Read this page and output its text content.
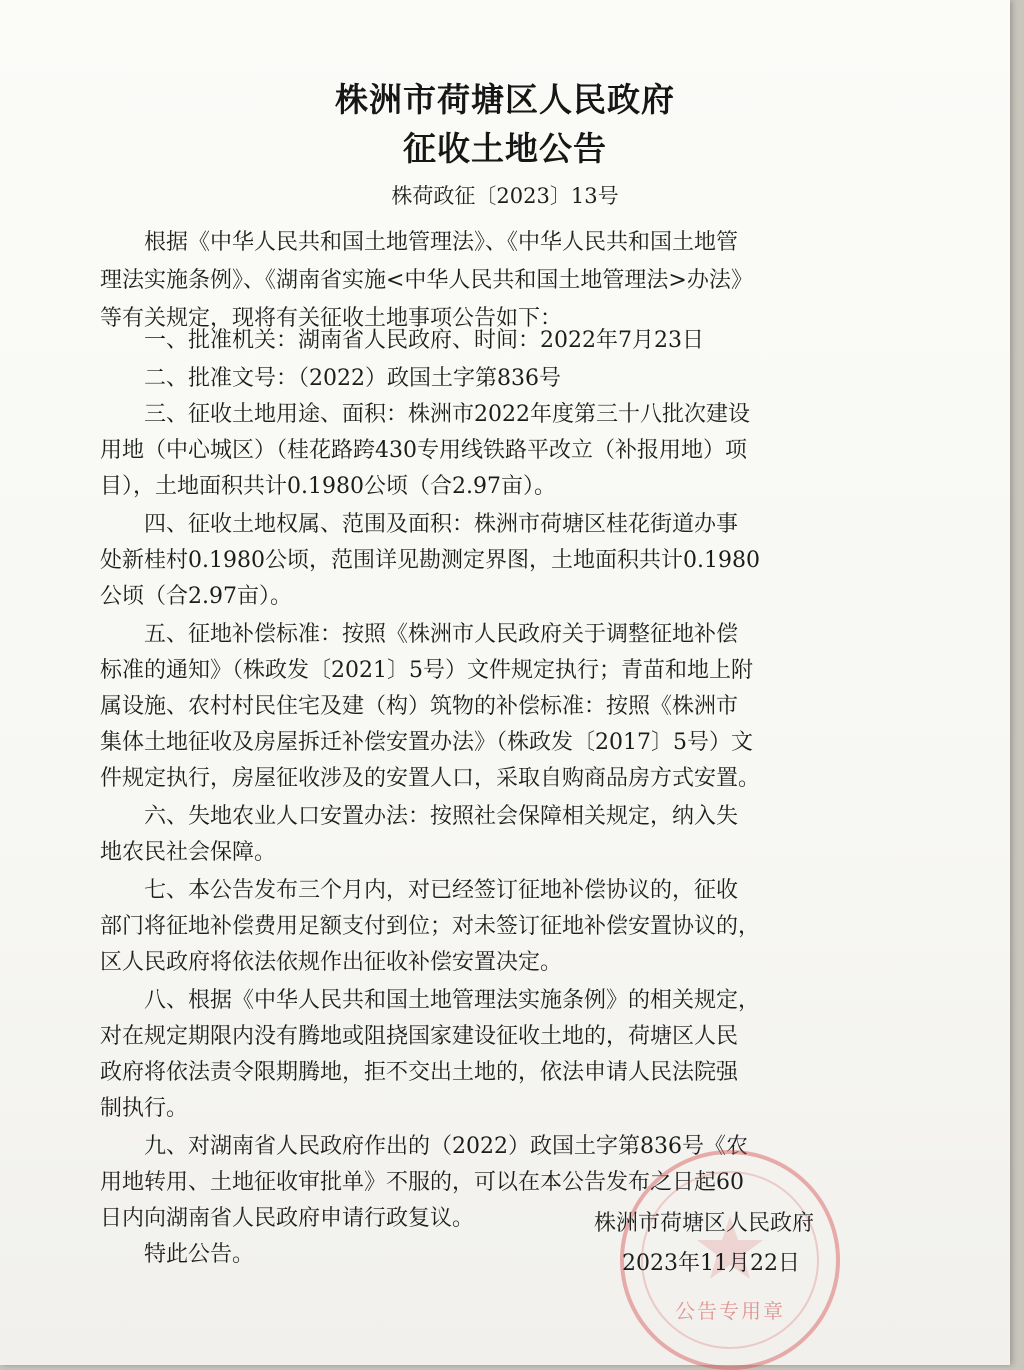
株洲市荷塘区人民政府
征收土地公告
株荷政征〔2023〕13号
　　根据《中华人民共和国土地管理法》、《中华人民共和国土地管
理法实施条例》、《湖南省实施<中华人民共和国土地管理法>办法》
等有关规定，现将有关征收土地事项公告如下：
　　一、批准机关：湖南省人民政府、时间：2022年7月23日
　　二、批准文号：（2022）政国土字第836号
　　三、征收土地用途、面积：株洲市2022年度第三十八批次建设
用地（中心城区）（桂花路跨430专用线铁路平改立（补报用地）项
目），土地面积共计0.1980公顷（合2.97亩）。
　　四、征收土地权属、范围及面积：株洲市荷塘区桂花街道办事
处新桂村0.1980公顷，范围详见勘测定界图，土地面积共计0.1980
公顷（合2.97亩）。
　　五、征地补偿标准：按照《株洲市人民政府关于调整征地补偿
标准的通知》（株政发〔2021〕5号）文件规定执行；青苗和地上附
属设施、农村村民住宅及建（构）筑物的补偿标准：按照《株洲市
集体土地征收及房屋拆迁补偿安置办法》（株政发〔2017〕5号）文
件规定执行，房屋征收涉及的安置人口，采取自购商品房方式安置。
　　六、失地农业人口安置办法：按照社会保障相关规定，纳入失
地农民社会保障。
　　七、本公告发布三个月内，对已经签订征地补偿协议的，征收
部门将征地补偿费用足额支付到位；对未签订征地补偿安置协议的，
区人民政府将依法依规作出征收补偿安置决定。
　　八、根据《中华人民共和国土地管理法实施条例》的相关规定，
对在规定期限内没有腾地或阻挠国家建设征收土地的，荷塘区人民
政府将依法责令限期腾地，拒不交出土地的，依法申请人民法院强
制执行。
　　九、对湖南省人民政府作出的（2022）政国土字第836号《农
用地转用、土地征收审批单》不服的，可以在本公告发布之日起60
日内向湖南省人民政府申请行政复议。
　　特此公告。
公告专用章
株洲市荷塘区人民政府
2023年11月22日
